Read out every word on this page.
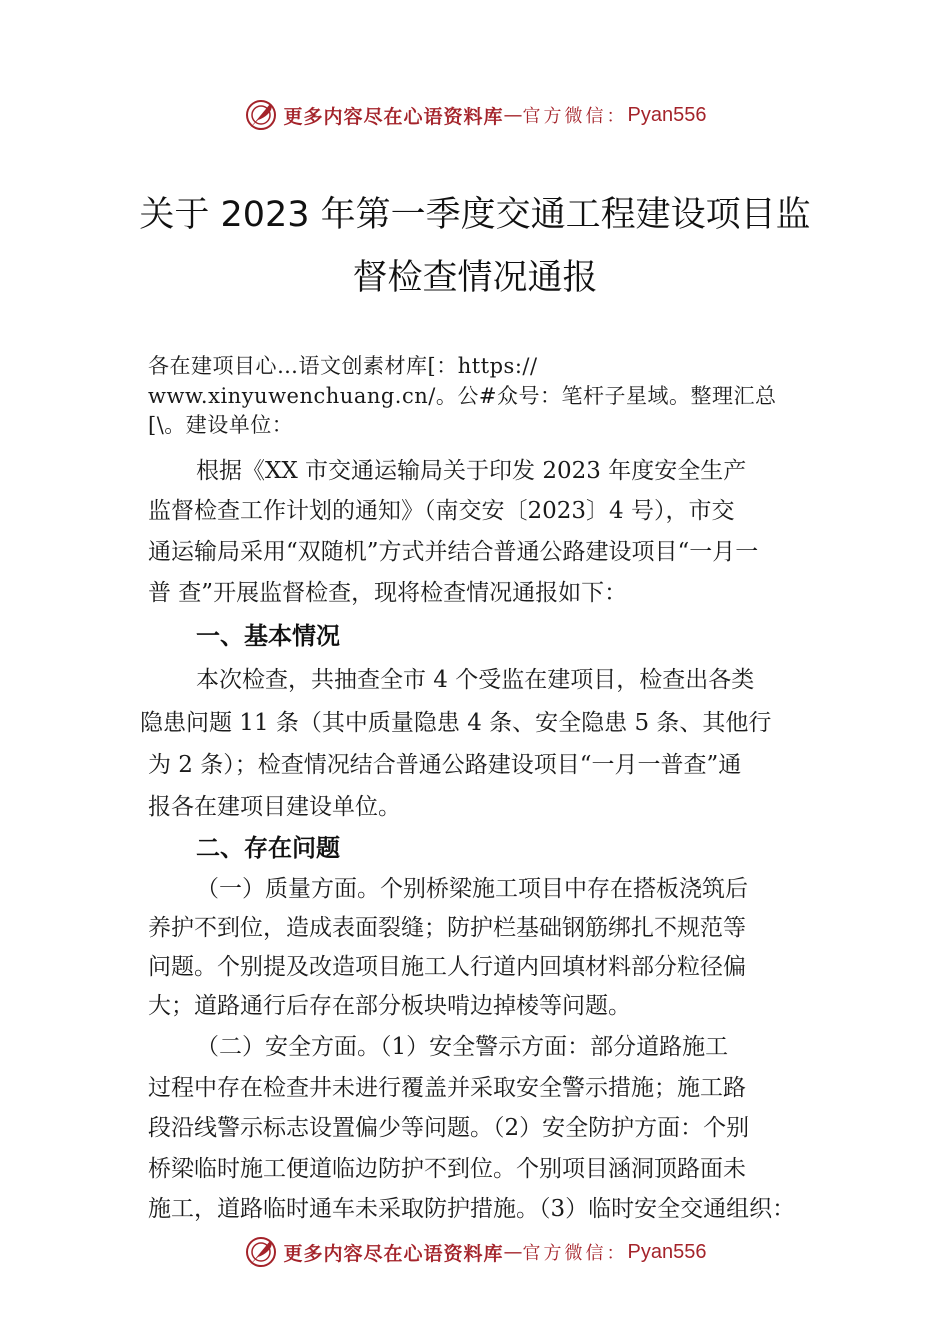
更多内容尽在心语资料库 — 官方微信： Pyan556
关于 2023 年第一季度交通工程建设项目监
督检查情况通报
各在建项目心…语文创素材库[：https://
www.xinyuwenchuang.cn/。公#众号：笔杆子星域。整理汇总
[\。建设单位：
根据《XX 市交通运输局关于印发 2023 年度安全生产
监督检查工作计划的通知》（南交安〔2023〕4 号），市交
通运输局采用“双随机”方式并结合普通公路建设项目“一月一
普 查”开展监督检查，现将检查情况通报如下：
一、基本情况
本次检查，共抽查全市 4 个受监在建项目，检查出各类
隐患问题 11 条（其中质量隐患 4 条、安全隐患 5 条、其他行
为 2 条）；检查情况结合普通公路建设项目“一月一普查”通
报各在建项目建设单位。
二、存在问题
（一）质量方面。个别桥梁施工项目中存在搭板浇筑后
养护不到位，造成表面裂缝；防护栏基础钢筋绑扎不规范等
问题。个别提及改造项目施工人行道内回填材料部分粒径偏
大；道路通行后存在部分板块啃边掉棱等问题。
（二）安全方面。（1）安全警示方面：部分道路施工
过程中存在检查井未进行覆盖并采取安全警示措施；施工路
段沿线警示标志设置偏少等问题。（2）安全防护方面：个别
桥梁临时施工便道临边防护不到位。个别项目涵洞顶路面未
施工，道路临时通车未采取防护措施。（3）临时安全交通组织：
更多内容尽在心语资料库 — 官方微信： Pyan556
